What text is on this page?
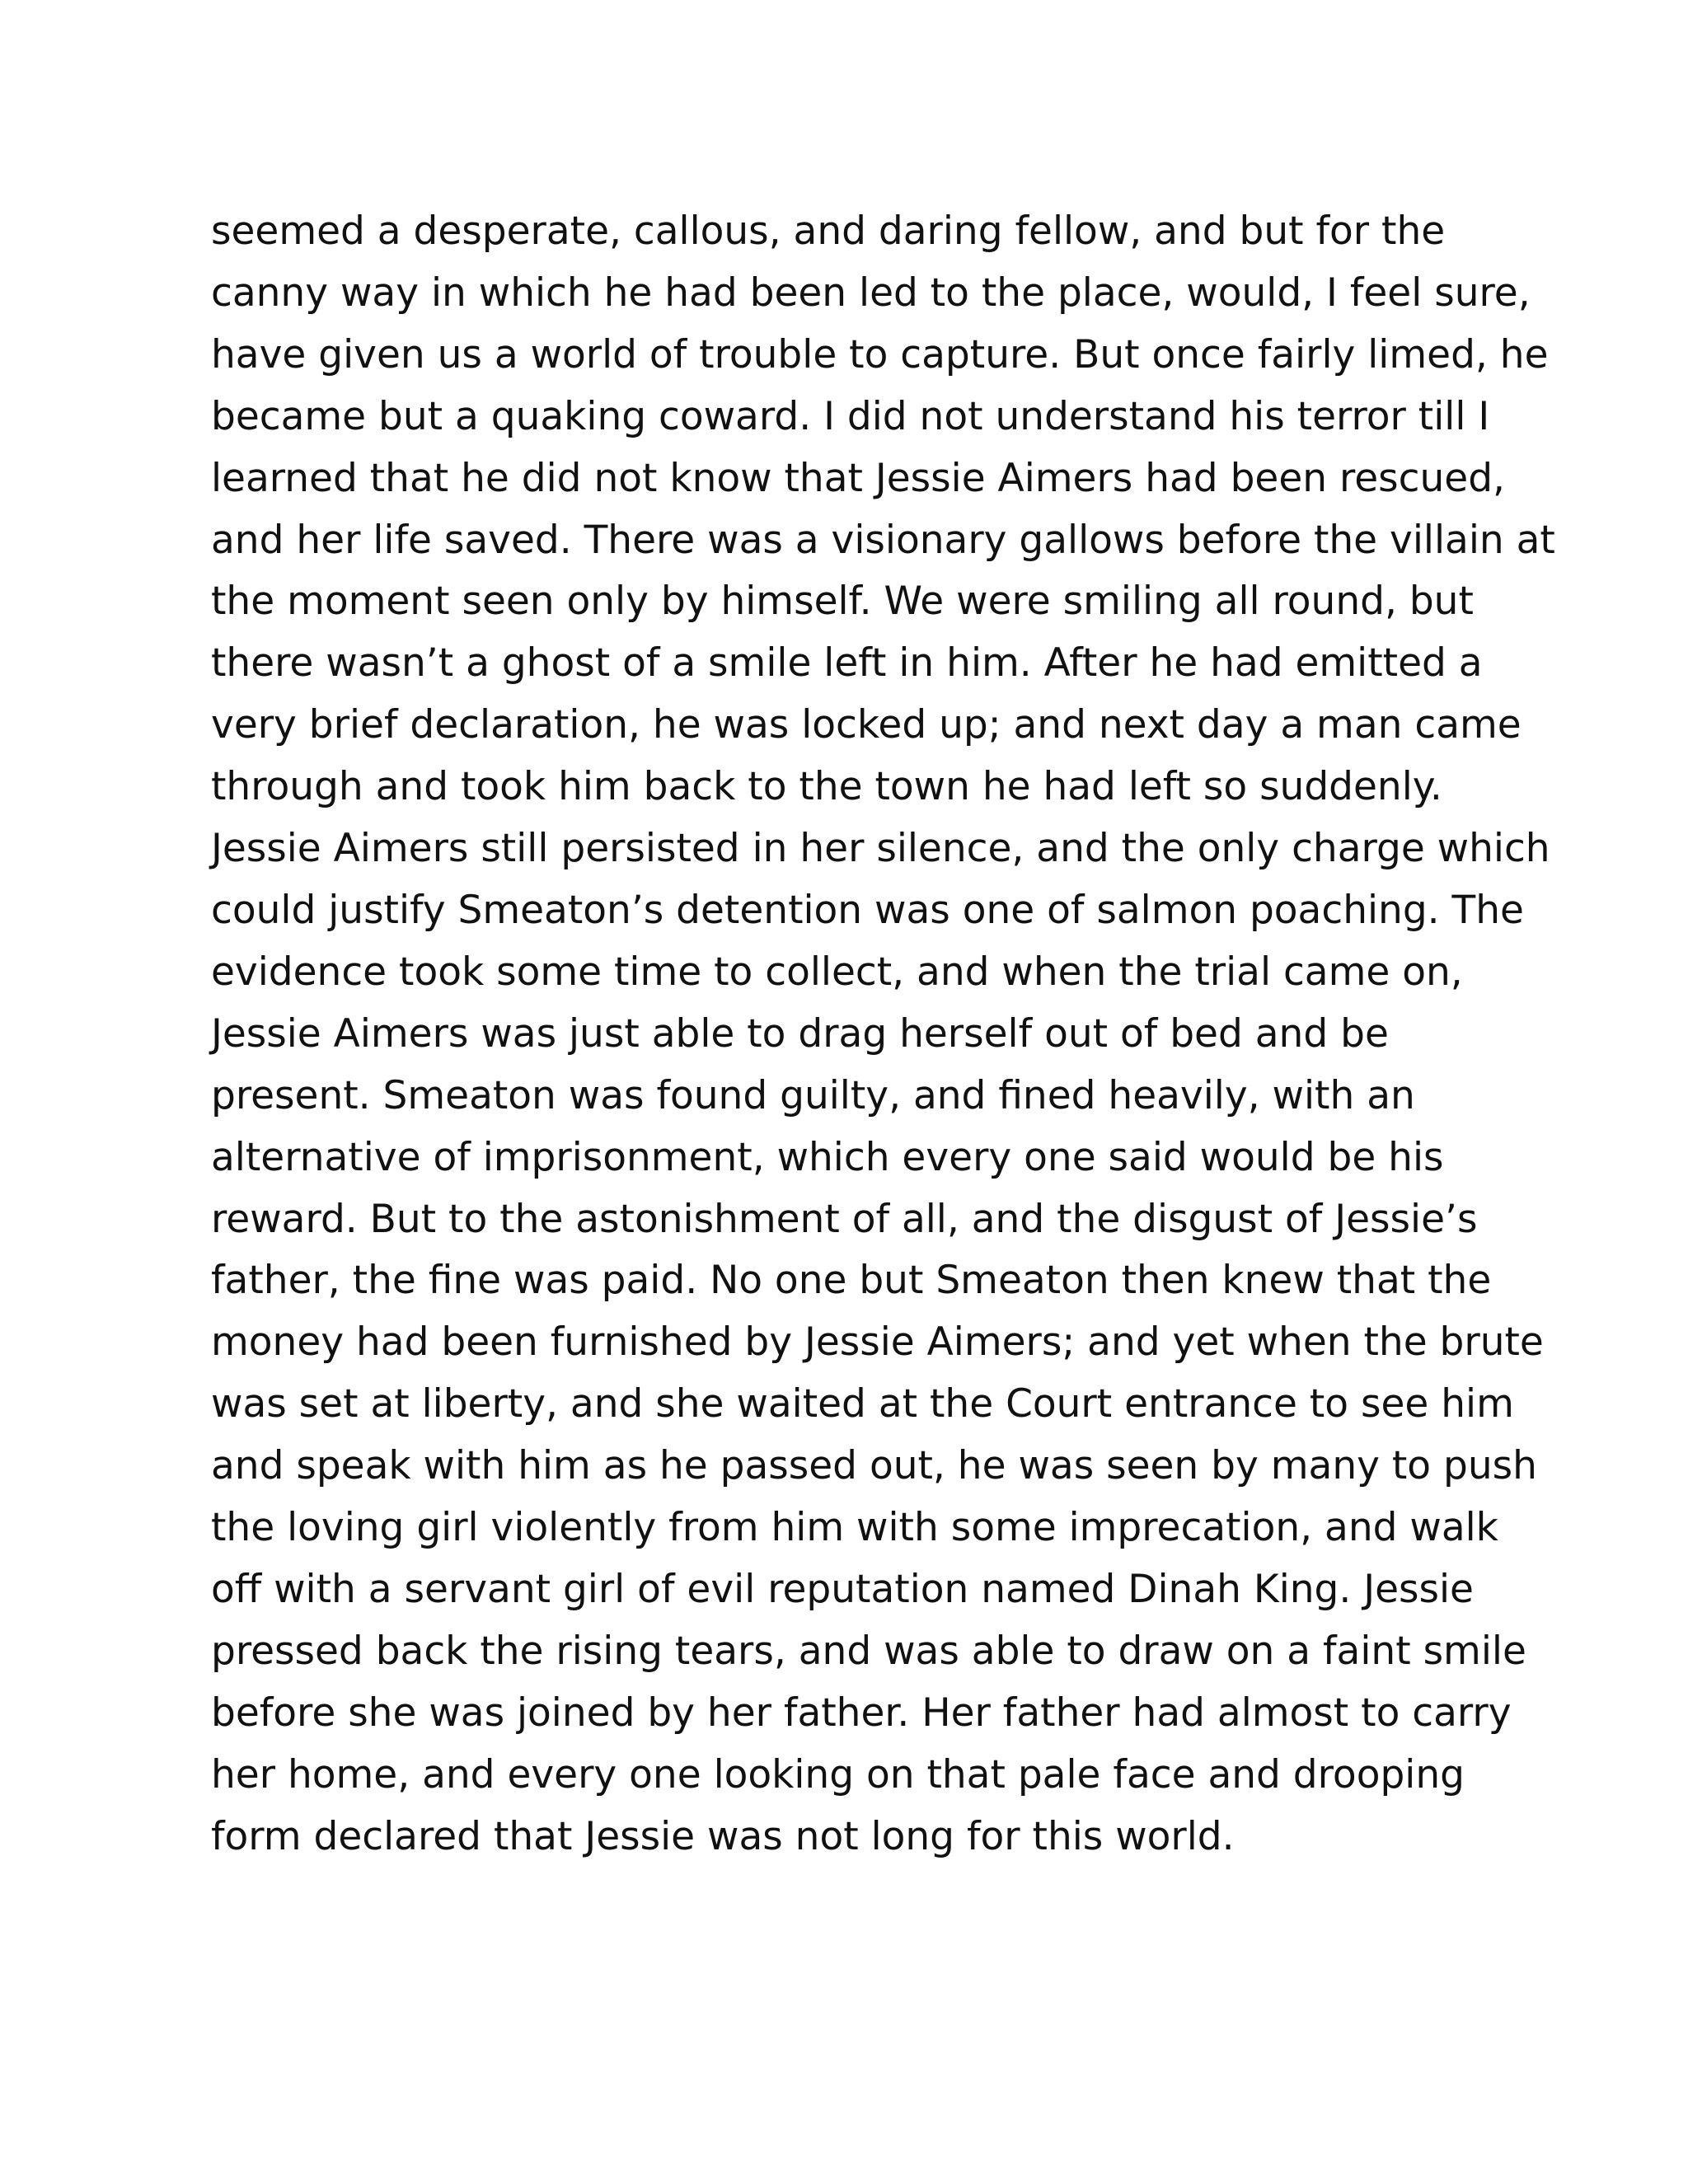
seemed a desperate, callous, and daring fellow, and but for the
canny way in which he had been led to the place, would, I feel sure,
have given us a world of trouble to capture. But once fairly limed, he
became but a quaking coward. I did not understand his terror till I
learned that he did not know that Jessie Aimers had been rescued,
and her life saved. There was a visionary gallows before the villain at
the moment seen only by himself. We were smiling all round, but
there wasn’t a ghost of a smile left in him. After he had emitted a
very brief declaration, he was locked up; and next day a man came
through and took him back to the town he had left so suddenly.
Jessie Aimers still persisted in her silence, and the only charge which
could justify Smeaton’s detention was one of salmon poaching. The
evidence took some time to collect, and when the trial came on,
Jessie Aimers was just able to drag herself out of bed and be
present. Smeaton was found guilty, and fined heavily, with an
alternative of imprisonment, which every one said would be his
reward. But to the astonishment of all, and the disgust of Jessie’s
father, the fine was paid. No one but Smeaton then knew that the
money had been furnished by Jessie Aimers; and yet when the brute
was set at liberty, and she waited at the Court entrance to see him
and speak with him as he passed out, he was seen by many to push
the loving girl violently from him with some imprecation, and walk
off with a servant girl of evil reputation named Dinah King. Jessie
pressed back the rising tears, and was able to draw on a faint smile
before she was joined by her father. Her father had almost to carry
her home, and every one looking on that pale face and drooping
form declared that Jessie was not long for this world.
